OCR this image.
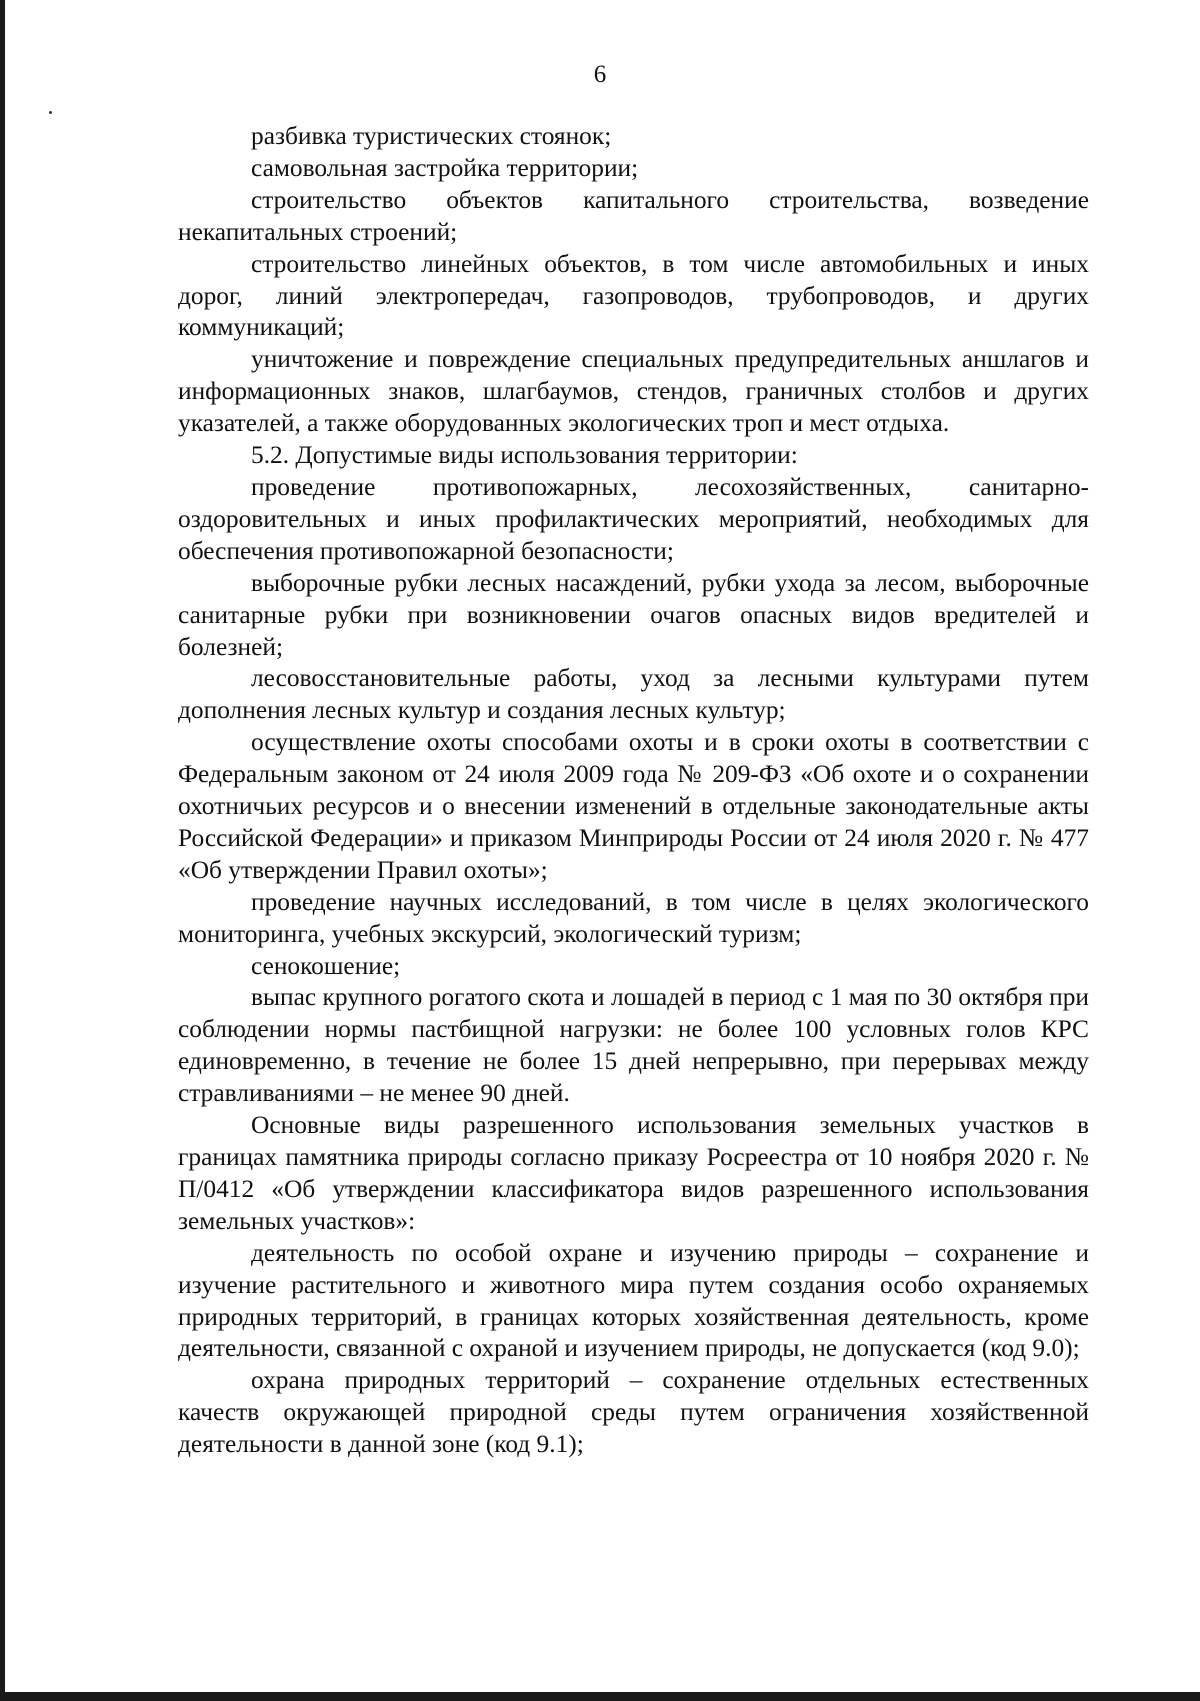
6

разбивка туристических стоянок;

самовольная застройка территории;

строительство объектов капитального строительства, возведение некапитальных строений;

строительство линейных объектов, в том числе автомобильных и иных дорог, линий электропередач, газопроводов, трубопроводов, и других коммуникаций;

уничтожение и повреждение специальных предупредительных аншлагов и информационных знаков, шлагбаумов, стендов, граничных столбов и других указателей, а также оборудованных экологических троп и мест отдыха.

5.2. Допустимые виды использования территории:

проведение противопожарных, лесохозяйственных, санитарно-оздоровительных и иных профилактических мероприятий, необходимых для обеспечения противопожарной безопасности;

выборочные рубки лесных насаждений, рубки ухода за лесом, выборочные санитарные рубки при возникновении очагов опасных видов вредителей и болезней;

лесовосстановительные работы, уход за лесными культурами путем дополнения лесных культур и создания лесных культур;

осуществление охоты способами охоты и в сроки охоты в соответствии с Федеральным законом от 24 июля 2009 года № 209-ФЗ «Об охоте и о сохранении охотничьих ресурсов и о внесении изменений в отдельные законодательные акты Российской Федерации» и приказом Минприроды России от 24 июля 2020 г. № 477 «Об утверждении Правил охоты»;

проведение научных исследований, в том числе в целях экологического мониторинга, учебных экскурсий, экологический туризм;

сенокошение;

выпас крупного рогатого скота и лошадей в период с 1 мая по 30 октября при соблюдении нормы пастбищной нагрузки: не более 100 условных голов КРС единовременно, в течение не более 15 дней непрерывно, при перерывах между стравливаниями – не менее 90 дней.

Основные виды разрешенного использования земельных участков в границах памятника природы согласно приказу Росреестра от 10 ноября 2020 г. № П/0412 «Об утверждении классификатора видов разрешенного использования земельных участков»:

деятельность по особой охране и изучению природы – сохранение и изучение растительного и животного мира путем создания особо охраняемых природных территорий, в границах которых хозяйственная деятельность, кроме деятельности, связанной с охраной и изучением природы, не допускается (код 9.0);

охрана природных территорий – сохранение отдельных естественных качеств окружающей природной среды путем ограничения хозяйственной деятельности в данной зоне (код 9.1);
